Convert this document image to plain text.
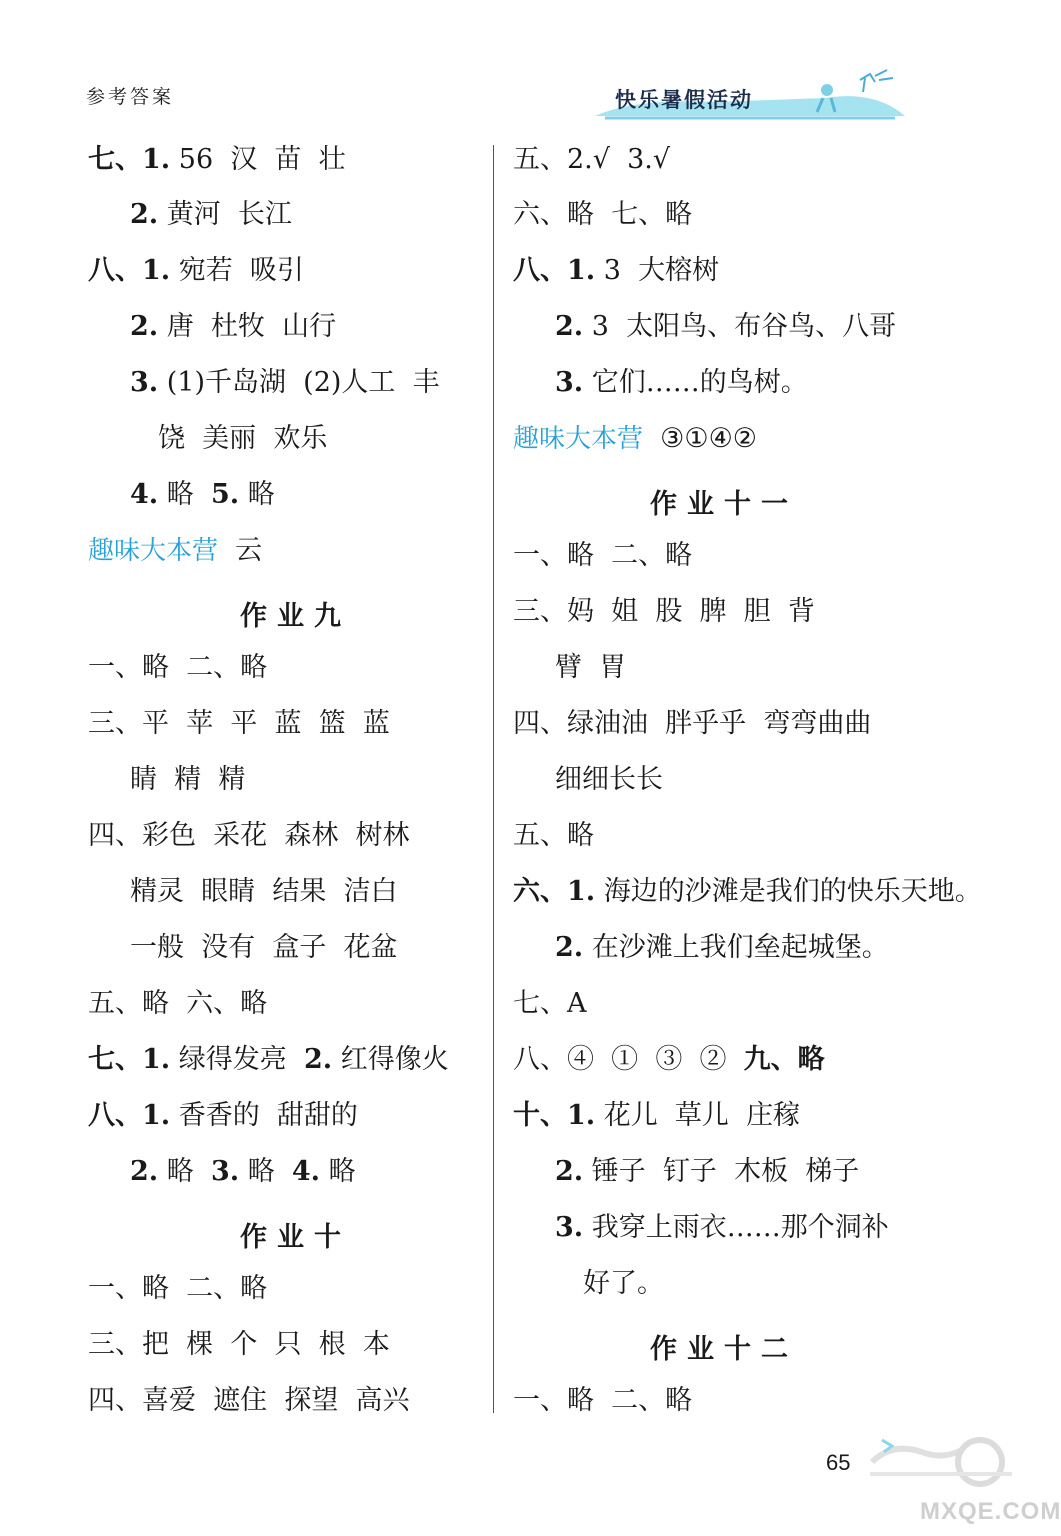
参考答案	快乐暑假活动
七、1. 56  汉  苗  壮
2. 黄河  长江
八、1. 宛若  吸引
2. 唐  杜牧  山行
3. (1)千岛湖  (2)人工  丰
饶  美丽  欢乐
4. 略  5. 略
趣味大本营  云
作业九
一、略  二、略
三、平  苹  平  蓝  篮  蓝
睛  精  精
四、彩色  采花  森林  树林
精灵  眼睛  结果  洁白
一般  没有  盒子  花盆
五、略  六、略
七、1. 绿得发亮  2. 红得像火
八、1. 香香的  甜甜的
2. 略  3. 略  4. 略
作业十
一、略  二、略
三、把  棵  个  只  根  本
四、喜爱  遮住  探望  高兴
五、2.√  3.√
六、略  七、略
八、1. 3  大榕树
2. 3  太阳鸟、布谷鸟、八哥
3. 它们……的鸟树。
趣味大本营  ③①④②
作业十一
一、略  二、略
三、妈  姐  股  脾  胆  背
臂  胃
四、绿油油  胖乎乎  弯弯曲曲
细细长长
五、略
六、1. 海边的沙滩是我们的快乐天地。
2. 在沙滩上我们垒起城堡。
七、A
八、④  ①  ③  ②  九、略
十、1. 花儿  草儿  庄稼
2. 锤子  钉子  木板  梯子
3. 我穿上雨衣……那个洞补
好了。
作业十二
一、略  二、略
65
MXQE.COM
